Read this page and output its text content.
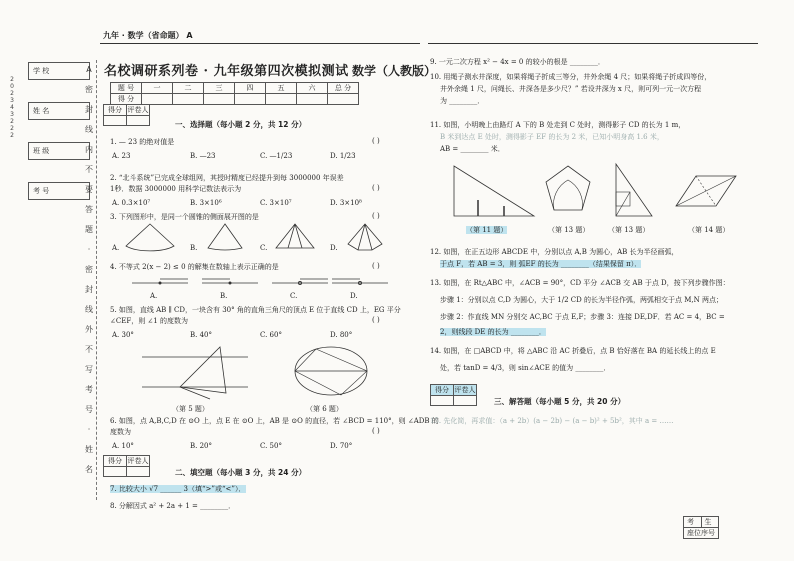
九年 · 数学（省命题） A
学 校
姓 名
班 级
考 号
A
密
封
线
内
不
要
答
题
·
密
封
线
外
不
写
考
号
·
姓
名
2
0
2
3
4
3
2
2
2
名校调研系列卷 · 九年级第四次模拟测试 数学（人教版）
题 号	一	二	三	四	五	六	总 分
得 分							
得分	评卷人

一、选择题（每小题 2 分，共 12 分）
1. — 23 的绝对值是	( )
A. 23	B. —23	C. —1/23	D. 1/23
2. “北斗系统”已完成全球组网，其授时精度已经提升到每 3000000 年误差
1秒．数据 3000000 用科学记数法表示为	( )
A. 0.3×10⁷	B. 3×10⁶	C. 3×10⁷	D. 3×10⁸
3. 下列图形中，是同一个圆锥的侧面展开图的是	( )
A.	B.	C.	D.
4. 不等式 2(x − 2) ≤ 0 的解集在数轴上表示正确的是	( )
A.	B.	C.	D.
5. 如图，直线 AB ∥ CD，一块含有 30° 角的直角三角尺的顶点 E 位于直线 CD 上，EG 平分
∠CEF，则 ∠1 的度数为	( )
A. 30°	B. 40°	C. 60°	D. 80°
（第 5 题）	（第 6 题）
6. 如图，点 A,B,C,D 在 ⊙O 上，点 E 在 ⊙O 上，AB 是 ⊙O 的直径，若 ∠BCD = 110°，则 ∠ADB 的
度数为	( )
A. 10°	B. 20°	C. 50°	D. 70°
得分	评卷人

二、填空题（每小题 3 分，共 24 分）
7. 比较大小 √7 ______ 3（填“>”或“<”）．
8. 分解因式 a² + 2a + 1 = ________．
9. 一元二次方程 x² − 4x = 0 的较小的根是 ________．
10. 用绳子测水井深度，如果将绳子折成三等分，井外余绳 4 尺；如果将绳子折成四等份，
井外余绳 1 尺，问绳长、井深各是多少尺？” 若设井深为 x 尺，则可列一元一次方程
为 ________．
11. 如图，小明晚上由路灯 A 下的 B 处走到 C 处时，测得影子 CD 的长为 1 m，
B 米到达点 E 处时，测得影子 EF 的长为 2 米，已知小明身高 1.6 米，
AB = ________ 米．
（第 11 题）	（第 13 题）	（第 13 题）	（第 14 题）
12. 如图，在正五边形 ABCDE 中，分别以点 A,B 为圆心，AB 长为半径画弧，
于点 F，若 AB = 3，则 弧EF 的长为 ________（结果保留 π）．
13. 如图，在 Rt△ABC 中，∠ACB = 90°，CD 平分 ∠ACB 交 AB 于点 D，按下列步骤作图：
步骤 1：分别以点 C,D 为圆心，大于 1/2 CD 的长为半径作弧，两弧相交于点 M,N 两点；
步骤 2：作直线 MN 分别交 AC,BC 于点 E,F；步骤 3：连接 DE,DF．若 AC = 4，BC =
2，则线段 DE 的长为 ________．
14. 如图，在 □ABCD 中，将 △ABC 沿 AC 折叠后，点 B 恰好落在 BA 的延长线上的点 E
处，若 tanD = 4/3，则 sin∠ACE 的值为 ________．
得分	评卷人

三、解答题（每小题 5 分，共 20 分）
15. 先化简，再求值：（a + 2b）(a − 2b) − (a − b)² + 5b²，其中 a = ……
考	生
座位序号
